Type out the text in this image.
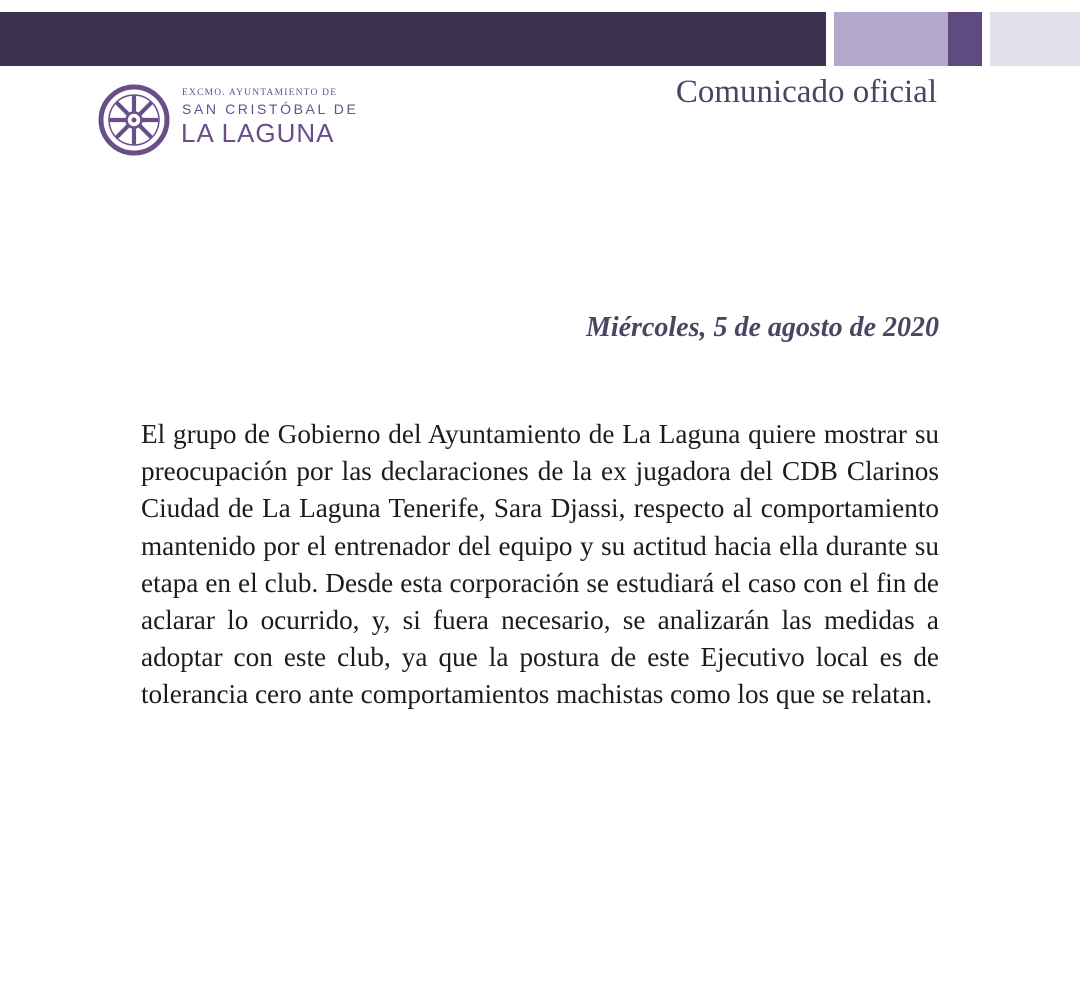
EXCMO. AYUNTAMIENTO DE
SAN CRISTÓBAL DE
LA LAGUNA
Comunicado oficial
Miércoles, 5 de agosto de 2020

El grupo de Gobierno del Ayuntamiento de La Laguna quiere mostrar su preocupación por las declaraciones de la ex jugadora del CDB Clarinos Ciudad de La Laguna Tenerife, Sara Djassi, respecto al comportamiento mantenido por el entrenador del equipo y su actitud hacia ella durante su etapa en el club. Desde esta corporación se estudiará el caso con el fin de aclarar lo ocurrido, y, si fuera necesario, se analizarán las medidas a adoptar con este club, ya que la postura de este Ejecutivo local es de tolerancia cero ante comportamientos machistas como los que se relatan.
